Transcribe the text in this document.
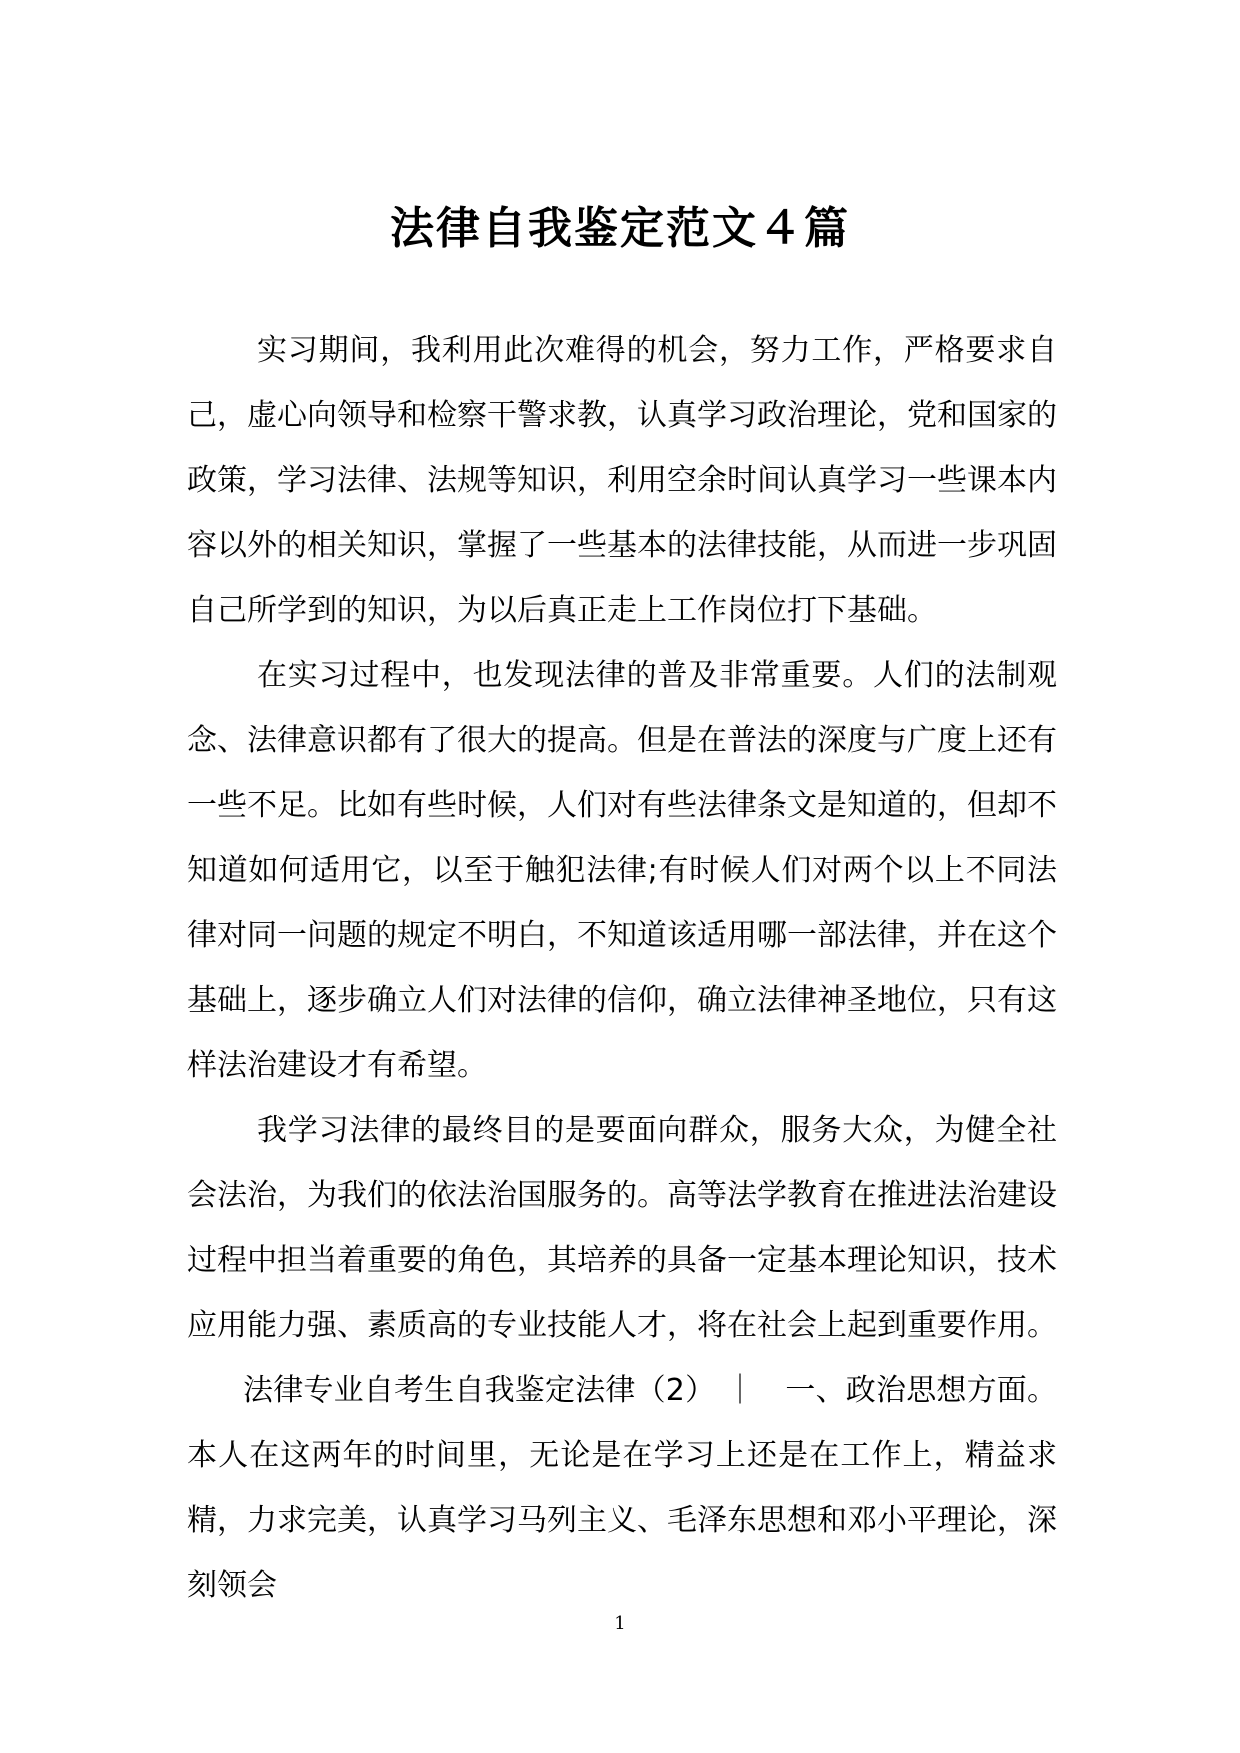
法律自我鉴定范文４篇

实习期间，我利用此次难得的机会，努力工作，严格要求自己，虚心向领导和检察干警求教，认真学习政治理论，党和国家的政策，学习法律、法规等知识，利用空余时间认真学习一些课本内容以外的相关知识，掌握了一些基本的法律技能，从而进一步巩固自己所学到的知识，为以后真正走上工作岗位打下基础。

在实习过程中，也发现法律的普及非常重要。人们的法制观念、法律意识都有了很大的提高。但是在普法的深度与广度上还有一些不足。比如有些时候，人们对有些法律条文是知道的，但却不知道如何适用它，以至于触犯法律;有时候人们对两个以上不同法律对同一问题的规定不明白，不知道该适用哪一部法律，并在这个基础上，逐步确立人们对法律的信仰，确立法律神圣地位，只有这样法治建设才有希望。

我学习法律的最终目的是要面向群众，服务大众，为健全社会法治，为我们的依法治国服务的。高等法学教育在推进法治建设过程中担当着重要的角色，其培养的具备一定基本理论知识，技术应用能力强、素质高的专业技能人才，将在社会上起到重要作用。

法律专业自考生自我鉴定法律（2） ｜　一、政治思想方面。本人在这两年的时间里，无论是在学习上还是在工作上，精益求精，力求完美，认真学习马列主义、毛泽东思想和邓小平理论，深刻领会

1
